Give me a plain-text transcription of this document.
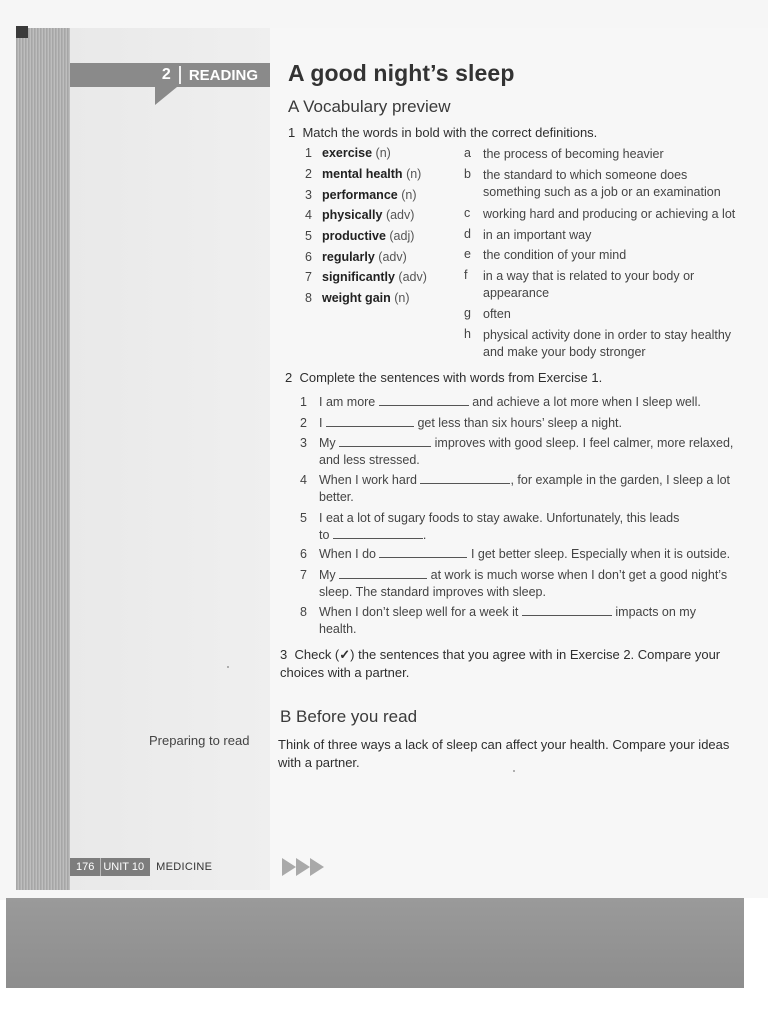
2 READING A good night’s sleep
A Vocabulary preview
1 Match the words in bold with the correct definitions.
1 exercise (n)
2 mental health (n)
3 performance (n)
4 physically (adv)
5 productive (adj)
6 regularly (adv)
7 significantly (adv)
8 weight gain (n)
a the process of becoming heavier
b the standard to which someone does something such as a job or an examination
c	working hard and producing or achieving a lot
d in an important way
e the condition of your mind
f	in a way that is related to your body or appearance
g often
h physical activity done in order to stay healthy and make your body stronger
2 Complete the sentences with words from Exercise 1.
1 I am more	and achieve a lot more when I sleep well.
2 I	get less than six hours’ sleep a night.
3 My	improves with good sleep. I feel calmer, more relaxed, and less stressed.
4 When I work hard	, for example in the garden, I sleep a lot better.
5 I eat a lot of sugary foods to stay awake. Unfortunately, this leads to	.
6 When I do	I get better sleep. Especially when it is outside.
7 My	at work is much worse when I don’t get a good night’s sleep. The standard improves with sleep.
8 When I don’t sleep well for a week it	impacts on my health.
3 Check (✓) the sentences that you agree with in Exercise 2. Compare your choices with a partner.
B Before you read
Preparing to read Think of three ways a lack of sleep can affect your health. Compare your ideas with a partner.
176 UNIT 10	MEDICINE
